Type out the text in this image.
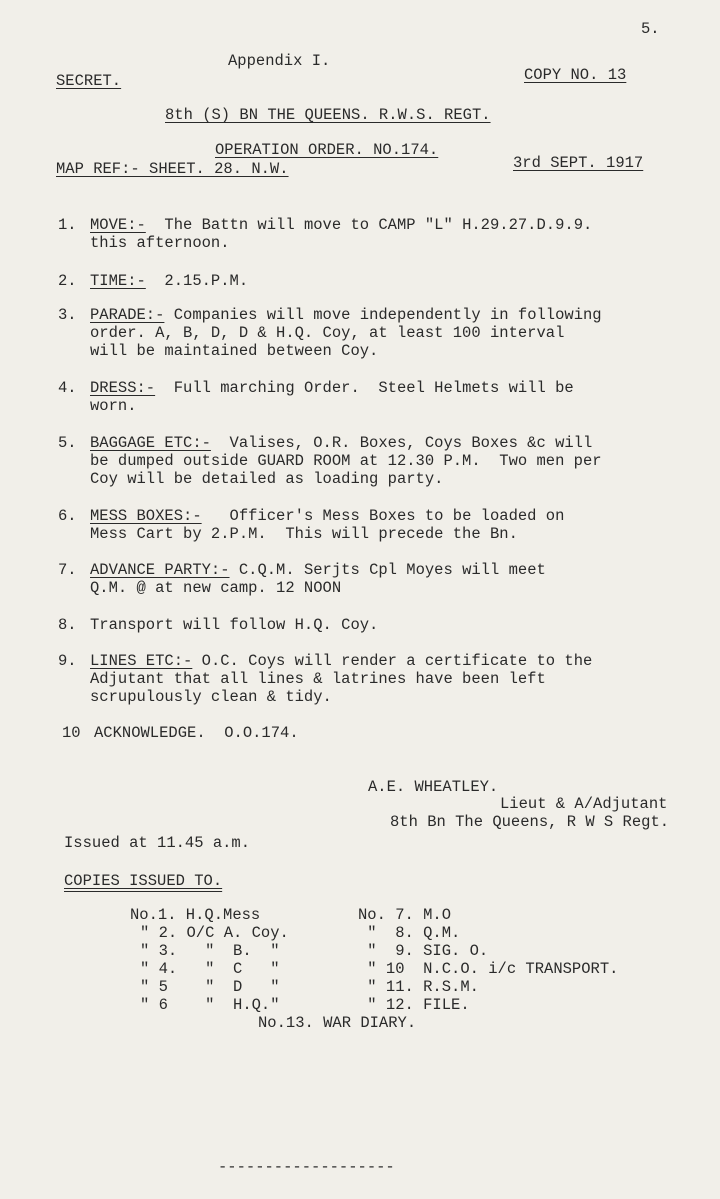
5.
Appendix I.
SECRET.	COPY NO. 13
8th (S) BN THE QUEENS. R.W.S. REGT.
OPERATION ORDER. NO.174.
MAP REF:- SHEET. 28. N.W.	3rd SEPT. 1917
1. MOVE:- The Battn will move to CAMP "L" H.29.27.D.9.9.
this afternoon.
2. TIME:- 2.15.P.M.
3. PARADE:- Companies will move independently in following
order. A, B, D, D & H.Q. Coy, at least 100 interval
will be maintained between Coy.
4. DRESS:- Full marching Order.  Steel Helmets will be
worn.
5. BAGGAGE ETC:- Valises, O.R. Boxes, Coys Boxes &c will
be dumped outside GUARD ROOM at 12.30 P.M.  Two men per
Coy will be detailed as loading party.
6. MESS BOXES:- Officer's Mess Boxes to be loaded on
Mess Cart by 2.P.M.  This will precede the Bn.
7. ADVANCE PARTY:- C.Q.M. Serjts Cpl Moyes will meet
Q.M. @ at new camp. 12 NOON
8. Transport will follow H.Q. Coy.
9. LINES ETC:- O.C. Coys will render a certificate to the
Adjutant that all lines & latrines have been left
scrupulously clean & tidy.
10 ACKNOWLEDGE.  O.O.174.
A.E. WHEATLEY.
Lieut & A/Adjutant
8th Bn The Queens, R W S Regt.
Issued at 11.45 a.m.
COPIES ISSUED TO.
No.1. H.Q.Mess
" 2. O/C A. Coy.
" 3.   "  B.  "
" 4.   "  C   "
" 5    "  D   "
" 6    "  H.Q."
No. 7. M.O
"  8. Q.M.
"  9. SIG. O.
" 10  N.C.O. i/c TRANSPORT.
" 11. R.S.M.
" 12. FILE.
No.13. WAR DIARY.
-------------------
